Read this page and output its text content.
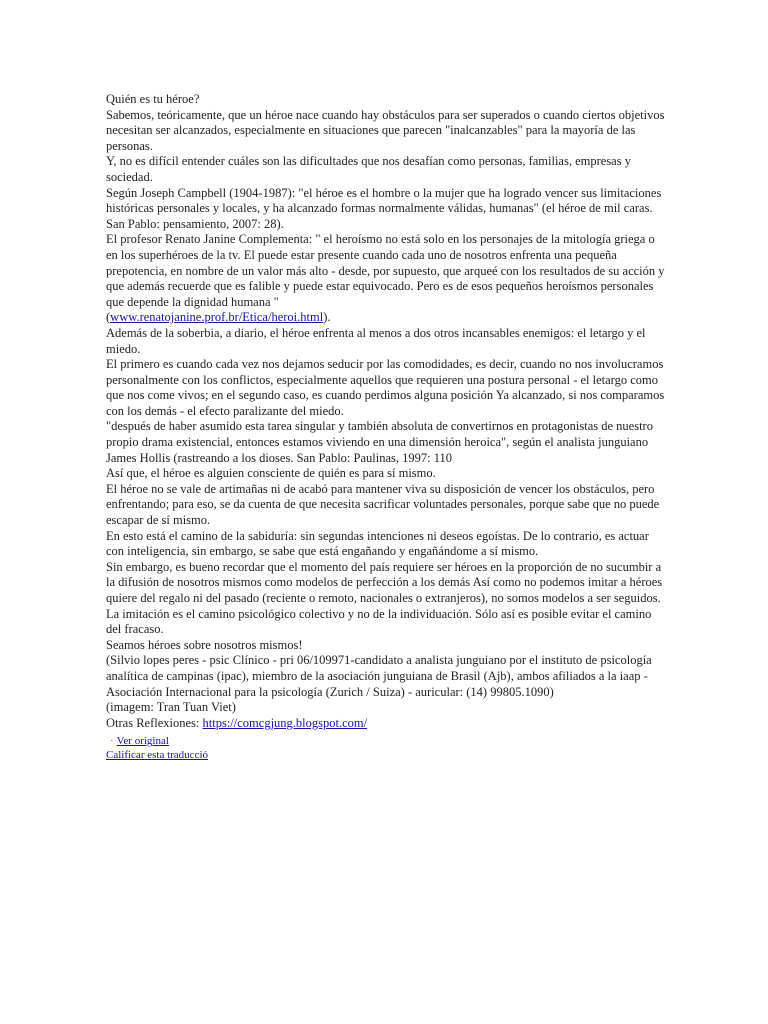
Quién es tu héroe?

Sabemos, teóricamente, que un héroe nace cuando hay obstáculos para ser superados o cuando ciertos objetivos necesitan ser alcanzados, especialmente en situaciones que parecen "inalcanzables" para la mayoría de las personas.

Y, no es difícil entender cuáles son las dificultades que nos desafían como personas, familias, empresas y sociedad.

Según Joseph Campbell (1904-1987): "el héroe es el hombre o la mujer que ha logrado vencer sus limitaciones históricas personales y locales, y ha alcanzado formas normalmente válidas, humanas" (el héroe de mil caras. San Pablo: pensamiento, 2007: 28).

El profesor Renato Janine Complementa: " el heroísmo no está solo en los personajes de la mitología griega o en los superhéroes de la tv. El puede estar presente cuando cada uno de nosotros enfrenta una pequeña prepotencia, en nombre de un valor más alto - desde, por supuesto, que arqueé con los resultados de su acción y que además recuerde que es falible y puede estar equivocado. Pero es de esos pequeños heroísmos personales que depende la dignidad humana "

(www.renatojanine.prof.br/Etica/heroi.html).

Además de la soberbia, a diario, el héroe enfrenta al menos a dos otros incansables enemigos: el letargo y el miedo.

El primero es cuando cada vez nos dejamos seducir por las comodidades, es decir, cuando no nos involucramos personalmente con los conflictos, especialmente aquellos que requieren una postura personal - el letargo como que nos come vivos; en el segundo caso, es cuando perdimos alguna posición Ya alcanzado, si nos comparamos con los demás - el efecto paralizante del miedo.

"después de haber asumido esta tarea singular y también absoluta de convertirnos en protagonistas de nuestro propio drama existencial, entonces estamos viviendo en una dimensión heroica", según el analista junguiano James Hollis (rastreando a los dioses. San Pablo: Paulinas, 1997: 110

Así que, el héroe es alguien consciente de quién es para sí mismo.

El héroe no se vale de artimañas ni de acabó para mantener viva su disposición de vencer los obstáculos, pero enfrentando; para eso, se da cuenta de que necesita sacrificar voluntades personales, porque sabe que no puede escapar de sí mismo.

En esto está el camino de la sabiduría: sin segundas intenciones ni deseos egoístas. De lo contrario, es actuar con inteligencia, sin embargo, se sabe que está engañando y engañándome a sí mismo.

Sin embargo, es bueno recordar que el momento del país requiere ser héroes en la proporción de no sucumbir a la difusión de nosotros mismos como modelos de perfección a los demás Así como no podemos imitar a héroes quiere del regalo ni del pasado (reciente o remoto, nacionales o extranjeros), no somos modelos a ser seguidos. La imitación es el camino psicológico colectivo y no de la individuación. Sólo así es posible evitar el camino del fracaso.

Seamos héroes sobre nosotros mismos!

(Silvio lopes peres - psic Clínico - pri 06/109971-candidato a analista junguiano por el instituto de psicología analítica de campinas (ipac), miembro de la asociación junguiana de Brasil (Ajb), ambos afiliados a la iaap - Asociación Internacional para la psicología (Zurich / Suiza) - auricular: (14) 99805.1090)

(imagem: Tran Tuan Viet)

Otras Reflexiones: https://comcgjung.blogspot.com/

· Ver original
Calificar esta traducció
